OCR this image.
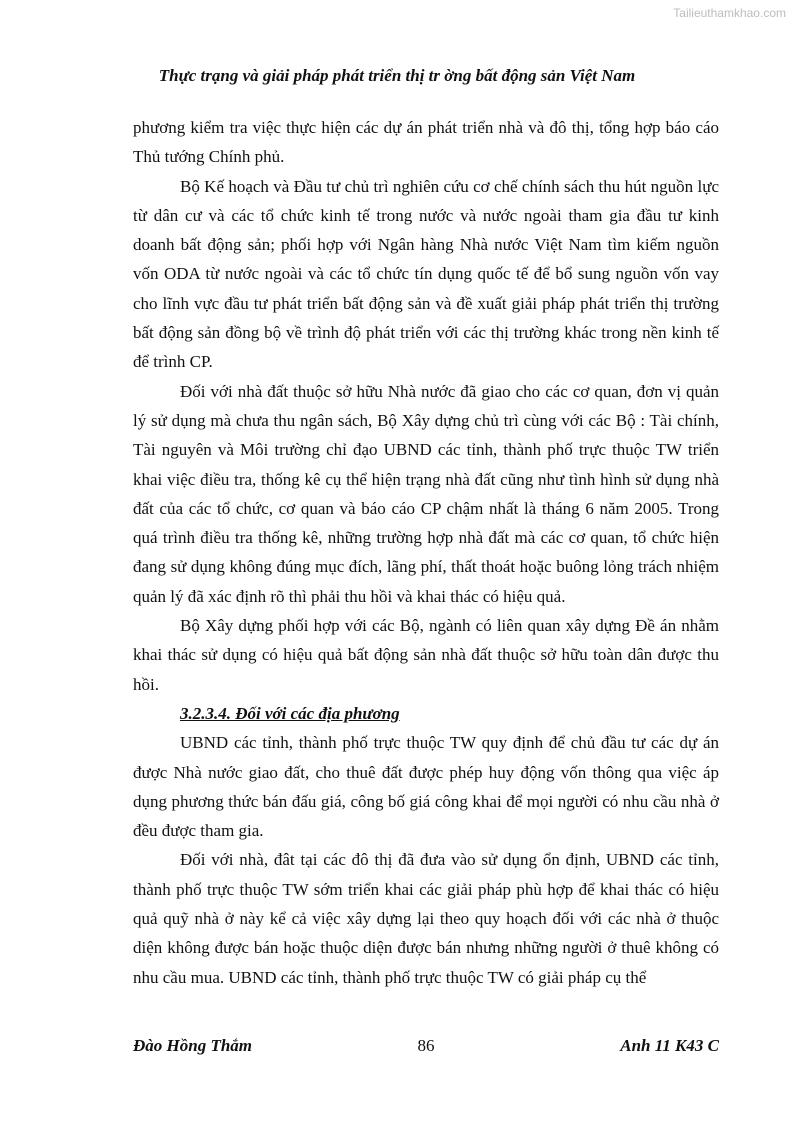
Tailieuthamkhao.com
Thực trạng và giải pháp phát triển thị tr ờng bất động sản Việt Nam

phương kiểm tra việc thực hiện các dự án phát triển nhà và đô thị, tổng hợp báo cáo Thủ tướng Chính phủ.

Bộ Kế hoạch và Đầu tư chủ trì nghiên cứu cơ chế chính sách thu hút nguồn lực từ dân cư và các tổ chức kinh tế trong nước và nước ngoài tham gia đầu tư kinh doanh bất động sản; phối hợp với Ngân hàng Nhà nước Việt Nam tìm kiếm nguồn vốn ODA từ nước ngoài và các tổ chức tín dụng quốc tế để bổ sung nguồn vốn vay cho lĩnh vực đầu tư phát triển bất động sản và đề xuất giải pháp phát triển thị trường bất động sản đồng bộ về trình độ phát triển với các thị trường khác trong nền kinh tế để trình CP.

Đối với nhà đất thuộc sở hữu Nhà nước đã giao cho các cơ quan, đơn vị quản lý sử dụng mà chưa thu ngân sách, Bộ Xây dựng chủ trì cùng với các Bộ : Tài chính, Tài nguyên và Môi trường chỉ đạo UBND các tỉnh, thành phố trực thuộc TW triển khai việc điều tra, thống kê cụ thể hiện trạng nhà đất cũng như tình hình sử dụng nhà đất của các tổ chức, cơ quan và báo cáo CP chậm nhất là tháng 6 năm 2005. Trong quá trình điều tra thống kê, những trường hợp nhà đất mà các cơ quan, tổ chức hiện đang sử dụng không đúng mục đích, lãng phí, thất thoát hoặc buông lỏng trách nhiệm quản lý đã xác định rõ thì phải thu hồi và khai thác có hiệu quả.

Bộ Xây dựng phối hợp với các Bộ, ngành có liên quan xây dựng Đề án nhằm khai thác sử dụng có hiệu quả bất động sản nhà đất thuộc sở hữu toàn dân được thu hồi.

3.2.3.4. Đối với các địa phương

UBND các tỉnh, thành phố trực thuộc TW quy định để chủ đầu tư các dự án được Nhà nước giao đất, cho thuê đất được phép huy động vốn thông qua việc áp dụng phương thức bán đấu giá, công bố giá công khai để mọi người có nhu cầu nhà ở đều được tham gia.

Đối với nhà, đât tại các đô thị đã đưa vào sử dụng ổn định, UBND các tỉnh, thành phố trực thuộc TW sớm triển khai các giải pháp phù hợp để khai thác có hiệu quả quỹ nhà ở này kể cả việc xây dựng lại theo quy hoạch đối với các nhà ở thuộc diện không được bán hoặc thuộc diện được bán nhưng những người ở thuê không có nhu cầu mua. UBND các tỉnh, thành phố trực thuộc TW có giải pháp cụ thể

Đào Hồng Thắm	86	Anh 11 K43 C
